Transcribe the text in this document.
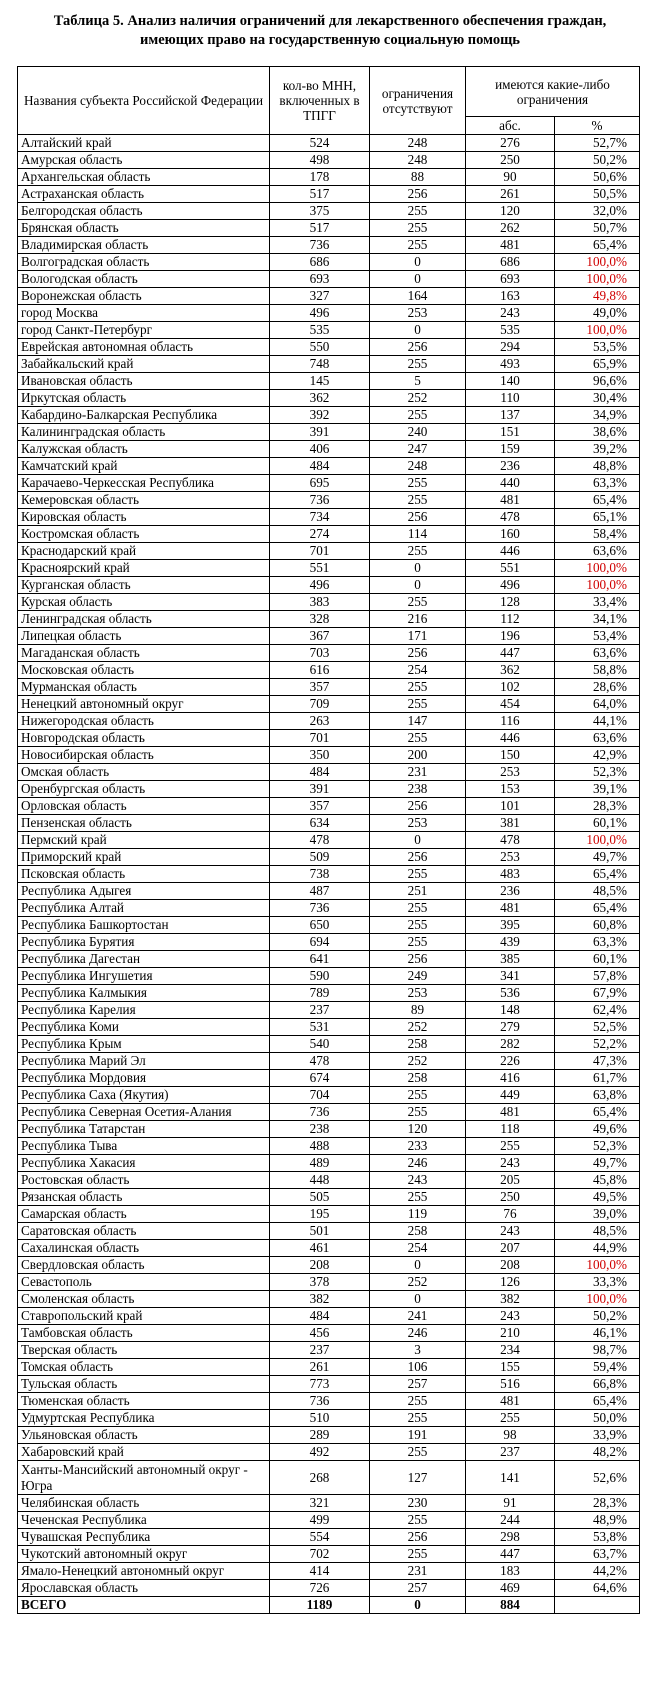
Таблица 5. Анализ наличия ограничений для лекарственного обеспечения граждан,
имеющих право на государственную социальную помощь
Названия субъекта Российской Федерации	кол-во МНН, включенных в ТПГГ	ограничения отсутствуют	имеются какие-либо ограничения	
			абс.	%
Алтайский край	524	248	276	52,7%
Амурская область	498	248	250	50,2%
Архангельская область	178	88	90	50,6%
Астраханская область	517	256	261	50,5%
Белгородская область	375	255	120	32,0%
Брянская область	517	255	262	50,7%
Владимирская область	736	255	481	65,4%
Волгоградская область	686	0	686	100,0%
Вологодская область	693	0	693	100,0%
Воронежская область	327	164	163	49,8%
город Москва	496	253	243	49,0%
город Санкт-Петербург	535	0	535	100,0%
Еврейская автономная область	550	256	294	53,5%
Забайкальский край	748	255	493	65,9%
Ивановская область	145	5	140	96,6%
Иркутская область	362	252	110	30,4%
Кабардино-Балкарская Республика	392	255	137	34,9%
Калининградская область	391	240	151	38,6%
Калужская область	406	247	159	39,2%
Камчатский край	484	248	236	48,8%
Карачаево-Черкесская Республика	695	255	440	63,3%
Кемеровская область	736	255	481	65,4%
Кировская область	734	256	478	65,1%
Костромская область	274	114	160	58,4%
Краснодарский край	701	255	446	63,6%
Красноярский край	551	0	551	100,0%
Курганская область	496	0	496	100,0%
Курская область	383	255	128	33,4%
Ленинградская область	328	216	112	34,1%
Липецкая область	367	171	196	53,4%
Магаданская область	703	256	447	63,6%
Московская область	616	254	362	58,8%
Мурманская область	357	255	102	28,6%
Ненецкий автономный округ	709	255	454	64,0%
Нижегородская область	263	147	116	44,1%
Новгородская область	701	255	446	63,6%
Новосибирская область	350	200	150	42,9%
Омская область	484	231	253	52,3%
Оренбургская область	391	238	153	39,1%
Орловская область	357	256	101	28,3%
Пензенская область	634	253	381	60,1%
Пермский край	478	0	478	100,0%
Приморский край	509	256	253	49,7%
Псковская область	738	255	483	65,4%
Республика Адыгея	487	251	236	48,5%
Республика Алтай	736	255	481	65,4%
Республика Башкортостан	650	255	395	60,8%
Республика Бурятия	694	255	439	63,3%
Республика Дагестан	641	256	385	60,1%
Республика Ингушетия	590	249	341	57,8%
Республика Калмыкия	789	253	536	67,9%
Республика Карелия	237	89	148	62,4%
Республика Коми	531	252	279	52,5%
Республика Крым	540	258	282	52,2%
Республика Марий Эл	478	252	226	47,3%
Республика Мордовия	674	258	416	61,7%
Республика Саха (Якутия)	704	255	449	63,8%
Республика Северная Осетия-Алания	736	255	481	65,4%
Республика Татарстан	238	120	118	49,6%
Республика Тыва	488	233	255	52,3%
Республика Хакасия	489	246	243	49,7%
Ростовская область	448	243	205	45,8%
Рязанская область	505	255	250	49,5%
Самарская область	195	119	76	39,0%
Саратовская область	501	258	243	48,5%
Сахалинская область	461	254	207	44,9%
Свердловская область	208	0	208	100,0%
Севастополь	378	252	126	33,3%
Смоленская область	382	0	382	100,0%
Ставропольский край	484	241	243	50,2%
Тамбовская область	456	246	210	46,1%
Тверская область	237	3	234	98,7%
Томская область	261	106	155	59,4%
Тульская область	773	257	516	66,8%
Тюменская область	736	255	481	65,4%
Удмуртская Республика	510	255	255	50,0%
Ульяновская область	289	191	98	33,9%
Хабаровский край	492	255	237	48,2%
Ханты-Мансийский автономный округ - Югра	268	127	141	52,6%
Челябинская область	321	230	91	28,3%
Чеченская Республика	499	255	244	48,9%
Чувашская Республика	554	256	298	53,8%
Чукотский автономный округ	702	255	447	63,7%
Ямало-Ненецкий автономный округ	414	231	183	44,2%
Ярославская область	726	257	469	64,6%
ВСЕГО	1189	0	884	
